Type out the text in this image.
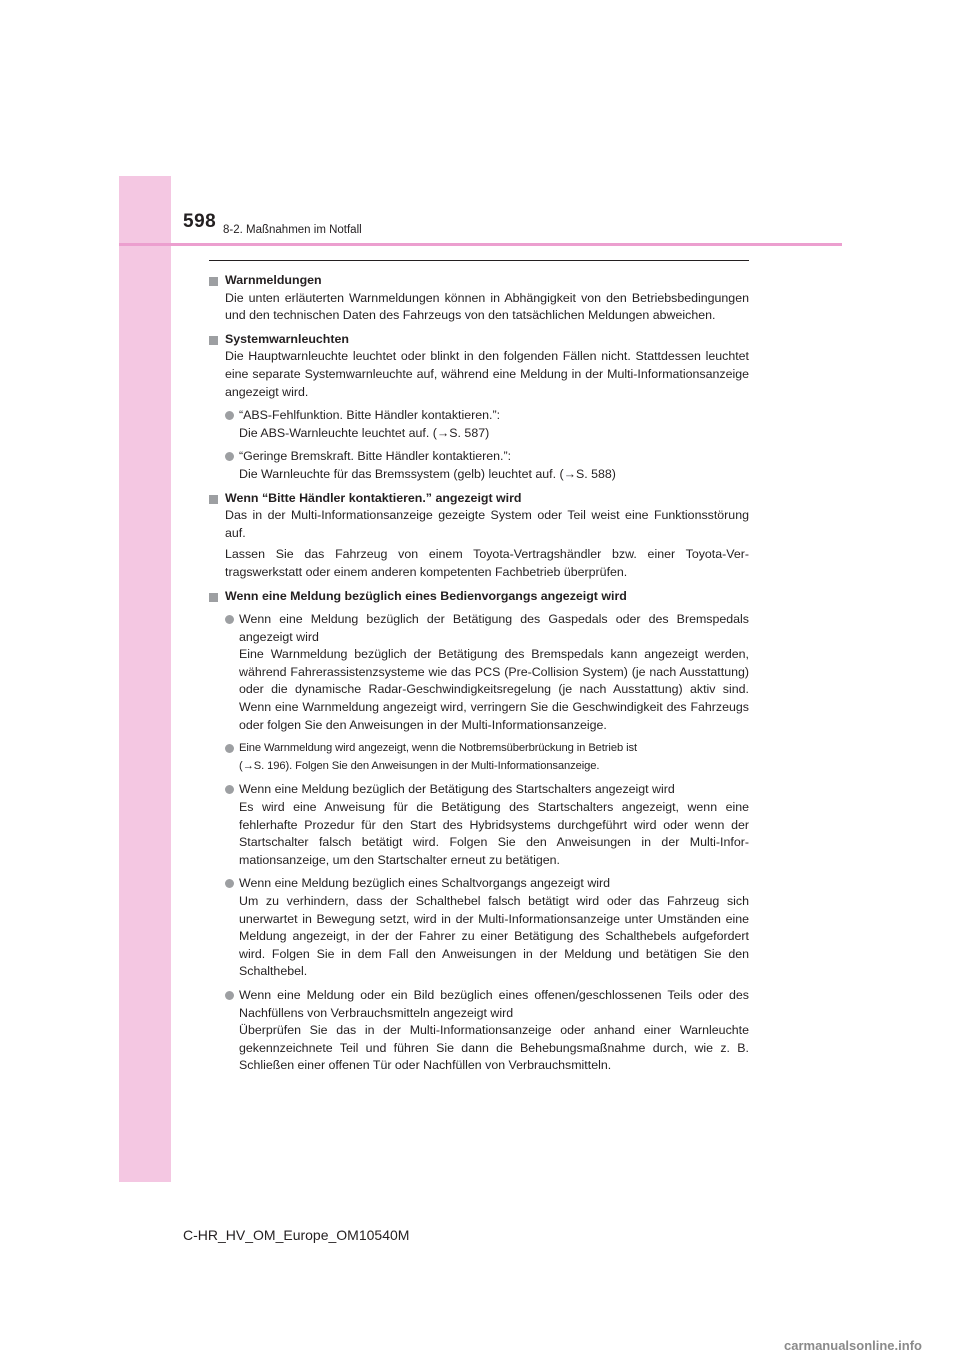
598 8-2. Maßnahmen im Notfall
Warnmeldungen
Die unten erläuterten Warnmeldungen können in Abhängigkeit von den Betriebsbedingungen und den technischen Daten des Fahrzeugs von den tatsächlichen Meldungen abweichen.
Systemwarnleuchten
Die Hauptwarnleuchte leuchtet oder blinkt in den folgenden Fällen nicht. Stattdessen leuchtet eine separate Systemwarnleuchte auf, während eine Meldung in der Multi-Informationsanzeige angezeigt wird.
“ABS-Fehlfunktion. Bitte Händler kontaktieren.”:
Die ABS-Warnleuchte leuchtet auf. (→S. 587)
“Geringe Bremskraft. Bitte Händler kontaktieren.”:
Die Warnleuchte für das Bremssystem (gelb) leuchtet auf. (→S. 588)
Wenn “Bitte Händler kontaktieren.” angezeigt wird
Das in der Multi-Informationsanzeige gezeigte System oder Teil weist eine Funktionsstörung auf.
Lassen Sie das Fahrzeug von einem Toyota-Vertragshändler bzw. einer Toyota-Vertragswerkstatt oder einem anderen kompetenten Fachbetrieb überprüfen.
Wenn eine Meldung bezüglich eines Bedienvorgangs angezeigt wird
Wenn eine Meldung bezüglich der Betätigung des Gaspedals oder des Bremspedals angezeigt wird
Eine Warnmeldung bezüglich der Betätigung des Bremspedals kann angezeigt werden, während Fahrerassistenzsysteme wie das PCS (Pre-Collision System) (je nach Ausstattung) oder die dynamische Radar-Geschwindigkeitsregelung (je nach Ausstattung) aktiv sind. Wenn eine Warnmeldung angezeigt wird, verringern Sie die Geschwindigkeit des Fahrzeugs oder folgen Sie den Anweisungen in der Multi-Informationsanzeige.
Eine Warnmeldung wird angezeigt, wenn die Notbremsüberbrückung in Betrieb ist
(→S. 196). Folgen Sie den Anweisungen in der Multi-Informationsanzeige.
Wenn eine Meldung bezüglich der Betätigung des Startschalters angezeigt wird
Es wird eine Anweisung für die Betätigung des Startschalters angezeigt, wenn eine fehlerhafte Prozedur für den Start des Hybridsystems durchgeführt wird oder wenn der Startschalter falsch betätigt wird. Folgen Sie den Anweisungen in der Multi-Informationsanzeige, um den Startschalter erneut zu betätigen.
Wenn eine Meldung bezüglich eines Schaltvorgangs angezeigt wird
Um zu verhindern, dass der Schalthebel falsch betätigt wird oder das Fahrzeug sich unerwartet in Bewegung setzt, wird in der Multi-Informationsanzeige unter Umständen eine Meldung angezeigt, in der der Fahrer zu einer Betätigung des Schalthebels aufgefordert wird. Folgen Sie in dem Fall den Anweisungen in der Meldung und betätigen Sie den Schalthebel.
Wenn eine Meldung oder ein Bild bezüglich eines offenen/geschlossenen Teils oder des Nachfüllens von Verbrauchsmitteln angezeigt wird
Überprüfen Sie das in der Multi-Informationsanzeige oder anhand einer Warnleuchte gekennzeichnete Teil und führen Sie dann die Behebungsmaßnahme durch, wie z. B. Schließen einer offenen Tür oder Nachfüllen von Verbrauchsmitteln.
C-HR_HV_OM_Europe_OM10540M
carmanualsonline.info
